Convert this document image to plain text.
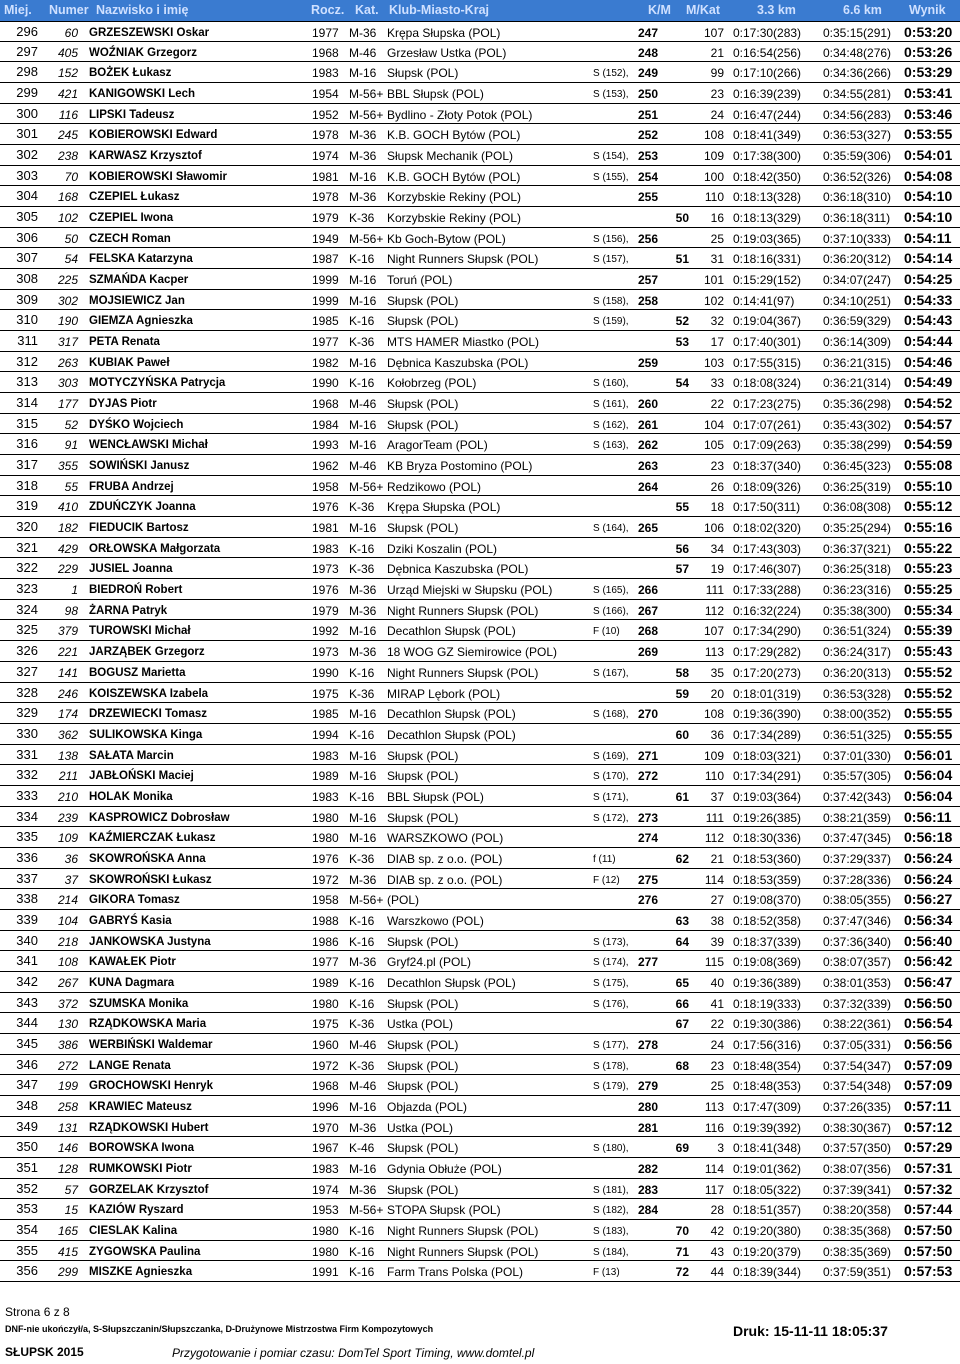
Miej. Numer Nazwisko i imię	Rocz. Kat. Klub-Miasto-Kraj	K/M M/Kat	3.3 km	6.6 km Wynik
296	60 GRZESZEWSKI Oskar	1977 M-36 Krępa Słupska (POL)	247	107 0:17:30(283) 0:35:15(291) 0:53:20
297	405 WOŹNIAK Grzegorz	1968 M-46 Grzesław Ustka (POL)	248	21 0:16:54(256) 0:34:48(276) 0:53:26
298	152 BOŻEK Łukasz	1983 M-16 Słupsk (POL)	S (152), 249	99 0:17:10(266) 0:34:36(266) 0:53:29
299	421 KANIGOWSKI Lech	1954 M-56+ BBL Słupsk (POL)	S (153), 250	23 0:16:39(239) 0:34:55(281) 0:53:41
300	116 LIPSKI Tadeusz	1952 M-56+ Bydlino - Złoty Potok (POL)	251	24 0:16:47(244) 0:34:56(283) 0:53:46
301	245 KOBIEROWSKI Edward	1978 M-36 K.B. GOCH Bytów (POL)	252	108 0:18:41(349) 0:36:53(327) 0:53:55
302	238 KARWASZ Krzysztof	1974 M-36 Słupsk Mechanik (POL)	S (154), 253	109 0:17:38(300) 0:35:59(306) 0:54:01
303	70 KOBIEROWSKI Sławomir	1981 M-16 K.B. GOCH Bytów (POL)	S (155), 254	100 0:18:42(350) 0:36:52(326) 0:54:08
304	168 CZEPIEL Łukasz	1978 M-36 Korzybskie Rekiny (POL)	255	110 0:18:13(328) 0:36:18(310) 0:54:10
305	102 CZEPIEL Iwona	1979 K-36 Korzybskie Rekiny (POL)	50	16 0:18:13(329) 0:36:18(311) 0:54:10
306	50 CZECH Roman	1949 M-56+ Kb Goch-Bytow (POL)	S (156), 256	25 0:19:03(365) 0:37:10(333) 0:54:11
307	54 FELSKA Katarzyna	1987 K-16 Night Runners Słupsk (POL)	S (157),	51	31 0:18:16(331) 0:36:20(312) 0:54:14
308	225 SZMAŃDA Kacper	1999 M-16 Toruń (POL)	257	101 0:15:29(152) 0:34:07(247) 0:54:25
309	302 MOJSIEWICZ Jan	1999 M-16 Słupsk (POL)	S (158), 258	102 0:14:41(97) 0:34:10(251) 0:54:33
310	190 GIEMZA Agnieszka	1985 K-16 Słupsk (POL)	S (159),	52	32 0:19:04(367) 0:36:59(329) 0:54:43
311	317 PETA Renata	1977 K-36 MTS HAMER Miastko (POL)	53	17 0:17:40(301) 0:36:14(309) 0:54:44
312	263 KUBIAK Paweł	1982 M-16 Dębnica Kaszubska (POL)	259	103 0:17:55(315) 0:36:21(315) 0:54:46
313	303 MOTYCZYŃSKA Patrycja	1990 K-16 Kołobrzeg (POL)	S (160),	54	33 0:18:08(324) 0:36:21(314) 0:54:49
314	177 DYJAS Piotr	1968 M-46 Słupsk (POL)	S (161), 260	22 0:17:23(275) 0:35:36(298) 0:54:52
315	52 DYŚKO Wojciech	1984 M-16 Słupsk (POL)	S (162), 261	104 0:17:07(261) 0:35:43(302) 0:54:57
316	91 WENCŁAWSKI Michał	1993 M-16 AragorTeam (POL)	S (163), 262	105 0:17:09(263) 0:35:38(299) 0:54:59
317	355 SOWIŃSKI Janusz	1962 M-46 KB Bryza Postomino (POL)	263	23 0:18:37(340) 0:36:45(323) 0:55:08
318	55 FRUBA Andrzej	1958 M-56+ Redzikowo (POL)	264	26 0:18:09(326) 0:36:25(319) 0:55:10
319	410 ZDUŃCZYK Joanna	1976 K-36 Krępa Słupska (POL)	55	18 0:17:50(311) 0:36:08(308) 0:55:12
320	182 FIEDUCIK Bartosz	1981 M-16 Słupsk (POL)	S (164), 265	106 0:18:02(320) 0:35:25(294) 0:55:16
321	429 ORŁOWSKA Małgorzata	1983 K-16 Dziki Koszalin (POL)	56	34 0:17:43(303) 0:36:37(321) 0:55:22
322	229 JUSIEL Joanna	1973 K-36 Dębnica Kaszubska (POL)	57	19 0:17:46(307) 0:36:25(318) 0:55:23
323	1 BIEDROŃ Robert	1976 M-36 Urząd Miejski w Słupsku (POL)	S (165), 266	111 0:17:33(288) 0:36:23(316) 0:55:25
324	98 ŻARNA Patryk	1979 M-36 Night Runners Słupsk (POL)	S (166), 267	112 0:16:32(224) 0:35:38(300) 0:55:34
325	379 TUROWSKI Michał	1992 M-16 Decathlon Słupsk (POL)	F (10) 268	107 0:17:34(290) 0:36:51(324) 0:55:39
326	221 JARZĄBEK Grzegorz	1973 M-36 18 WOG GZ Siemirowice (POL)	269	113 0:17:29(282) 0:36:24(317) 0:55:43
327	141 BOGUSZ Marietta	1990 K-16 Night Runners Słupsk (POL)	S (167),	58	35 0:17:20(273) 0:36:20(313) 0:55:52
328	246 KOISZEWSKA Izabela	1975 K-36 MIRAP Lębork (POL)	59	20 0:18:01(319) 0:36:53(328) 0:55:52
329	174 DRZEWIECKI Tomasz	1985 M-16 Decathlon Słupsk (POL)	S (168), 270	108 0:19:36(390) 0:38:00(352) 0:55:55
330	362 SULIKOWSKA Kinga	1994 K-16 Decathlon Słupsk (POL)	60	36 0:17:34(289) 0:36:51(325) 0:55:55
331	138 SAŁATA Marcin	1983 M-16 Słupsk (POL)	S (169), 271	109 0:18:03(321) 0:37:01(330) 0:56:01
332	211 JABŁOŃSKI Maciej	1989 M-16 Słupsk (POL)	S (170), 272	110 0:17:34(291) 0:35:57(305) 0:56:04
333	210 HOLAK Monika	1983 K-16 BBL Słupsk (POL)	S (171),	61	37 0:19:03(364) 0:37:42(343) 0:56:04
334	239 KASPROWICZ Dobrosław	1980 M-16 Słupsk (POL)	S (172), 273	111 0:19:26(385) 0:38:21(359) 0:56:11
335	109 KAŹMIERCZAK Łukasz	1980 M-16 WARSZKOWO (POL)	274	112 0:18:30(336) 0:37:47(345) 0:56:18
336	36 SKOWROŃSKA Anna	1976 K-36 DIAB sp. z o.o. (POL)	f (11)	62	21 0:18:53(360) 0:37:29(337) 0:56:24
337	37 SKOWROŃSKI Łukasz	1972 M-36 DIAB sp. z o.o. (POL)	F (12) 275	114 0:18:53(359) 0:37:28(336) 0:56:24
338	214 GIKORA Tomasz	1958 M-56+ (POL)	276	27 0:19:08(370) 0:38:05(355) 0:56:27
339	104 GABRYŚ Kasia	1988 K-16 Warszkowo (POL)	63	38 0:18:52(358) 0:37:47(346) 0:56:34
340	218 JANKOWSKA Justyna	1986 K-16 Słupsk (POL)	S (173),	64	39 0:18:37(339) 0:37:36(340) 0:56:40
341	108 KAWAŁEK Piotr	1977 M-36 Gryf24.pl (POL)	S (174), 277	115 0:19:08(369) 0:38:07(357) 0:56:42
342	267 KUNA Dagmara	1989 K-16 Decathlon Słupsk (POL)	S (175),	65	40 0:19:36(389) 0:38:01(353) 0:56:47
343	372 SZUMSKA Monika	1980 K-16 Słupsk (POL)	S (176),	66	41 0:18:19(333) 0:37:32(339) 0:56:50
344	130 RZĄDKOWSKA Maria	1975 K-36 Ustka (POL)	67	22 0:19:30(386) 0:38:22(361) 0:56:54
345	386 WERBIŃSKI Waldemar	1960 M-46 Słupsk (POL)	S (177), 278	24 0:17:56(316) 0:37:05(331) 0:56:56
346	272 LANGE Renata	1972 K-36 Słupsk (POL)	S (178),	68	23 0:18:48(354) 0:37:54(347) 0:57:09
347	199 GROCHOWSKI Henryk	1968 M-46 Słupsk (POL)	S (179), 279	25 0:18:48(353) 0:37:54(348) 0:57:09
348	258 KRAWIEC Mateusz	1996 M-16 Objazda (POL)	280	113 0:17:47(309) 0:37:26(335) 0:57:11
349	131 RZĄDKOWSKI Hubert	1970 M-36 Ustka (POL)	281	116 0:19:39(392) 0:38:30(367) 0:57:12
350	146 BOROWSKA Iwona	1967 K-46 Słupsk (POL)	S (180),	69	3 0:18:41(348) 0:37:57(350) 0:57:29
351	128 RUMKOWSKI Piotr	1983 M-16 Gdynia Obłuże (POL)	282	114 0:19:01(362) 0:38:07(356) 0:57:31
352	57 GORZELAK Krzysztof	1974 M-36 Słupsk (POL)	S (181), 283	117 0:18:05(322) 0:37:39(341) 0:57:32
353	15 KAZIÓW Ryszard	1953 M-56+ STOPA Słupsk (POL)	S (182), 284	28 0:18:51(357) 0:38:20(358) 0:57:44
354	165 CIESLAK Kalina	1980 K-16 Night Runners Słupsk (POL)	S (183),	70	42 0:19:20(380) 0:38:35(368) 0:57:50
355	415 ZYGOWSKA Paulina	1980 K-16 Night Runners Słupsk (POL)	S (184),	71	43 0:19:20(379) 0:38:35(369) 0:57:50
356	299 MISZKE Agnieszka	1991 K-16 Farm Trans Polska (POL)	F (13)	72	44 0:18:39(344) 0:37:59(351) 0:57:53
Strona 6 z 8
DNF-nie ukończył/a, S-Słupszczanin/Słupszczanka, D-Drużynowe Mistrzostwa Firm Kompozytowych	Druk: 15-11-11 18:05:37
SŁUPSK 2015	Przygotowanie i pomiar czasu: DomTel Sport Timing, www.domtel.pl
